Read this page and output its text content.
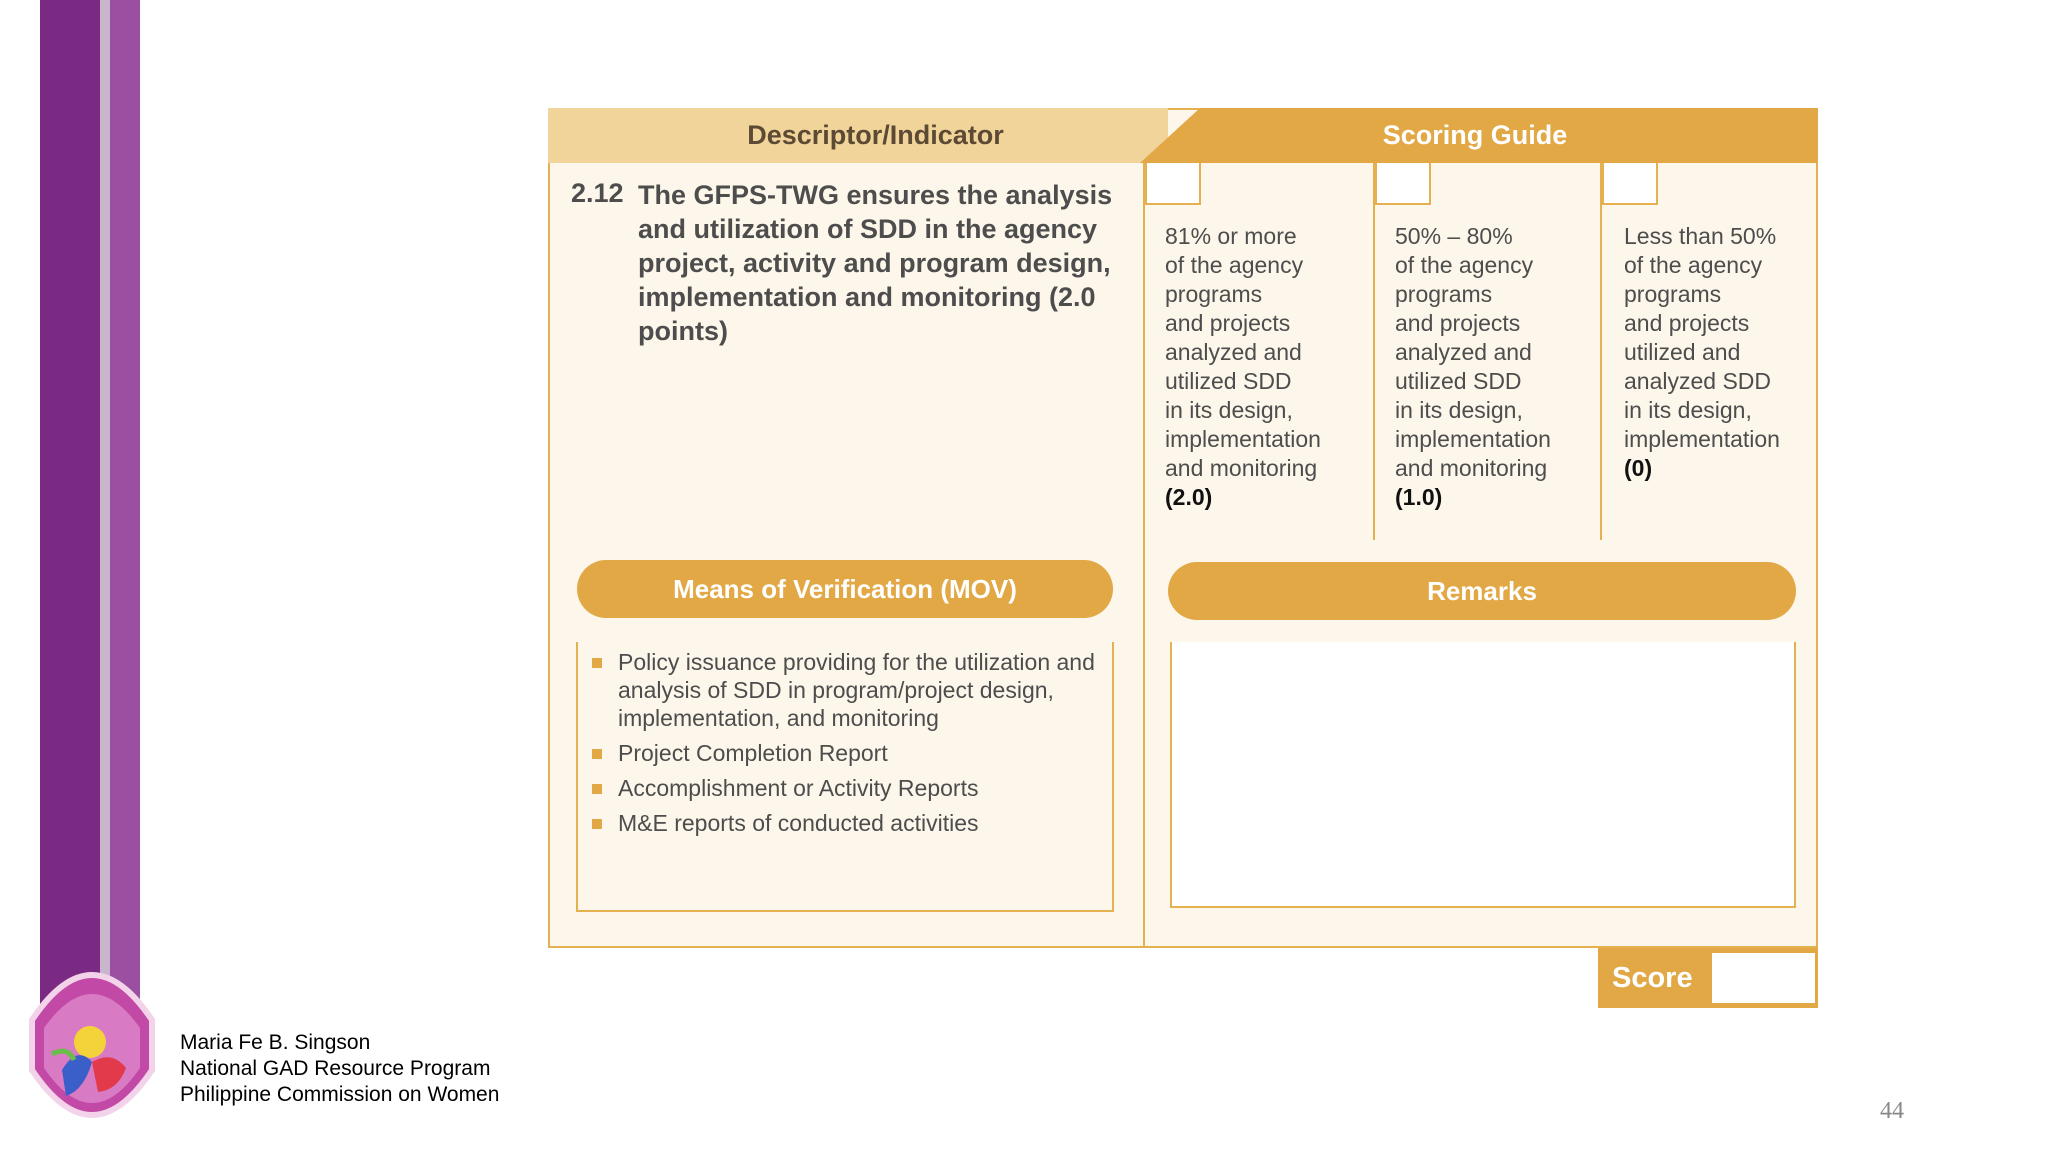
Maria Fe B. Singson
National GAD Resource Program
Philippine Commission on Women
44
Descriptor/Indicator	Scoring Guide
2.12 The GFPS-TWG ensures the analysis and utilization of SDD in the agency project, activity and program design, implementation and monitoring (2.0 points)
81% or more
of the agency
programs
and projects
analyzed and
utilized SDD
in its design,
implementation
and monitoring
(2.0)
50% – 80%
of the agency
programs
and projects
analyzed and
utilized SDD
in its design,
implementation
and monitoring
(1.0)
Less than 50%
of the agency
programs
and projects
utilized and
analyzed SDD
in its design,
implementation
(0)
Means of Verification (MOV)
Policy issuance providing for the utilization and analysis of SDD in program/project design, implementation, and monitoring
Project Completion Report
Accomplishment or Activity Reports
M&E reports of conducted activities
Remarks
Score
